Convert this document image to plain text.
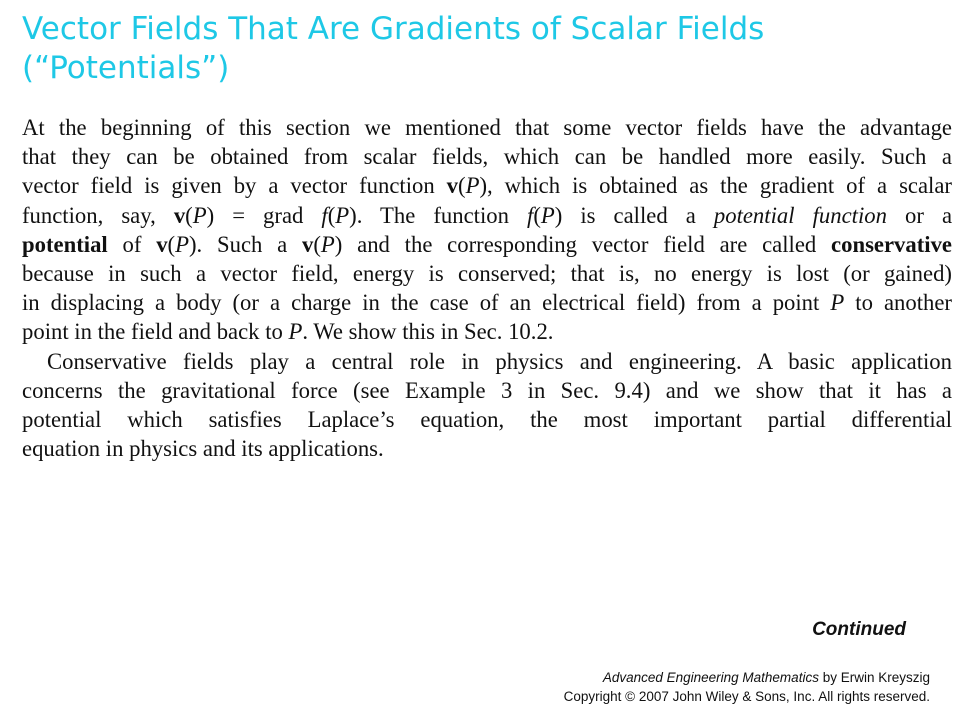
Vector Fields That Are Gradients of Scalar Fields
(“Potentials”)
At the beginning of this section we mentioned that some vector fields have the advantage
that they can be obtained from scalar fields, which can be handled more easily. Such a
vector field is given by a vector function v(P), which is obtained as the gradient of a scalar
function, say, v(P) = grad f(P). The function f(P) is called a potential function or a
potential of v(P). Such a v(P) and the corresponding vector field are called conservative
because in such a vector field, energy is conserved; that is, no energy is lost (or gained)
in displacing a body (or a charge in the case of an electrical field) from a point P to another
point in the field and back to P. We show this in Sec. 10.2.
Conservative fields play a central role in physics and engineering. A basic application
concerns the gravitational force (see Example 3 in Sec. 9.4) and we show that it has a
potential which satisfies Laplace’s equation, the most important partial differential
equation in physics and its applications.
Continued
Advanced Engineering Mathematics by Erwin Kreyszig
Copyright © 2007 John Wiley & Sons, Inc. All rights reserved.
